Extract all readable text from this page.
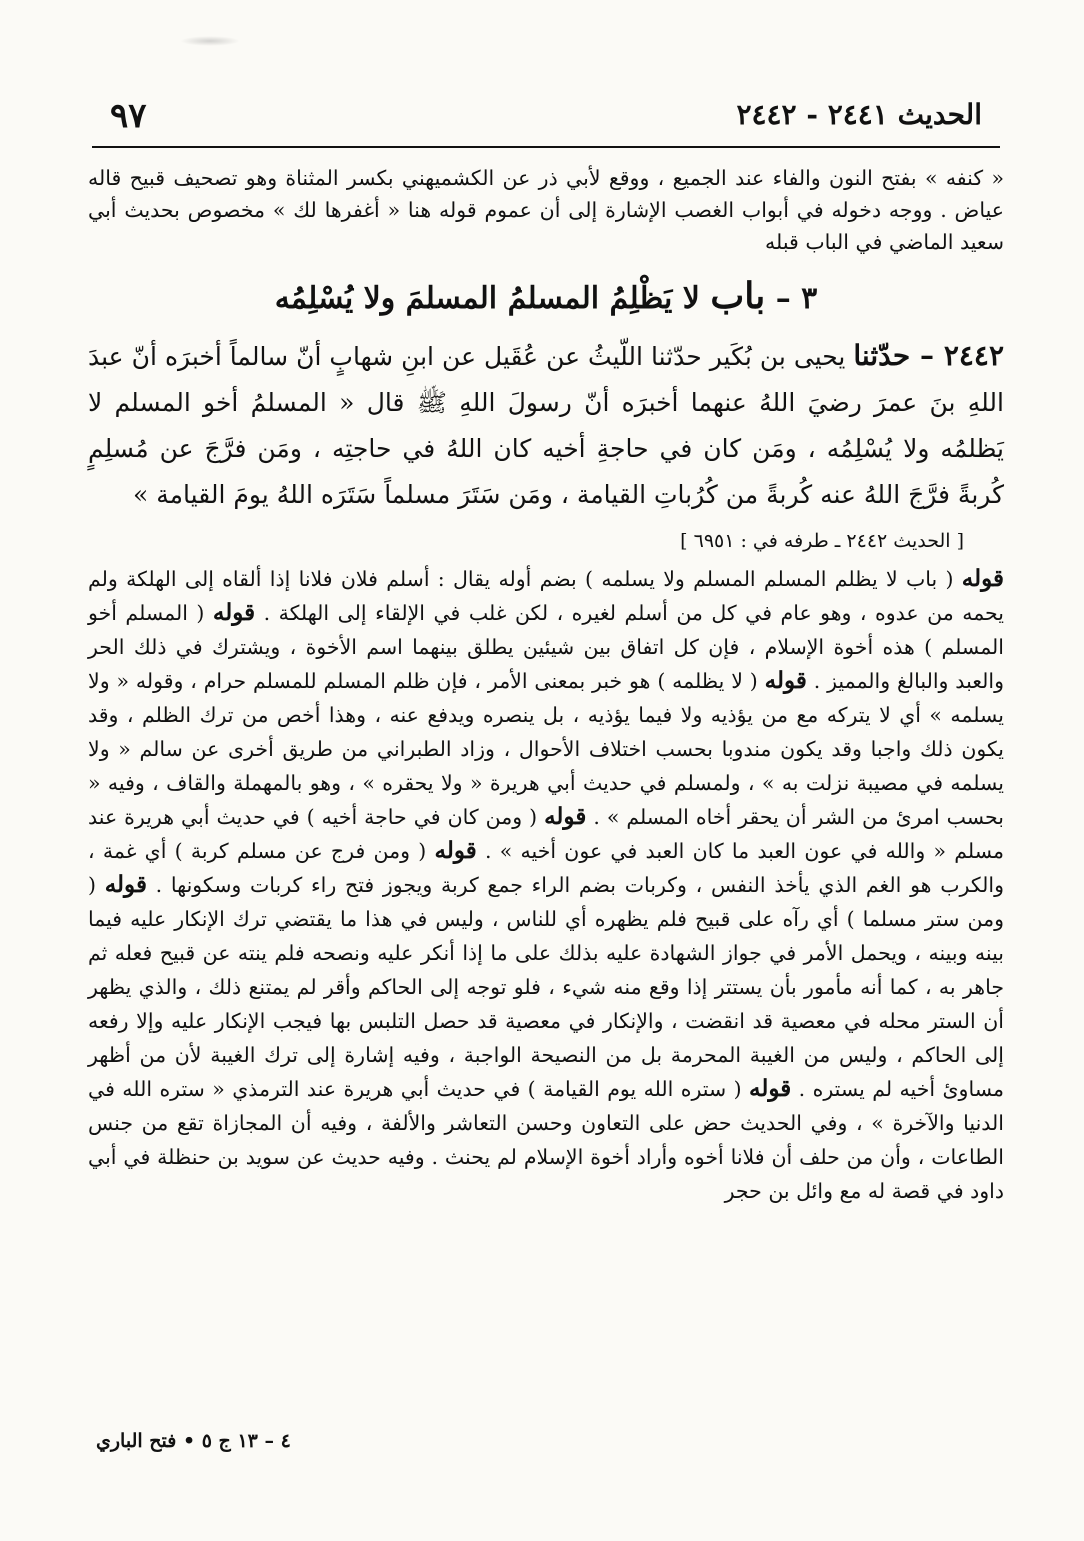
الحديث ٢٤٤١ - ٢٤٤٢
٩٧

« كنفه » بفتح النون والفاء عند الجميع ، ووقع لأبي ذر عن الكشميهني بكسر المثناة وهو تصحيف قبيح قاله عياض . ووجه دخوله في أبواب الغصب الإشارة إلى أن عموم قوله هنا « أغفرها لك » مخصوص بحديث أبي سعيد الماضي في الباب قبله

٣ – باب لا يَظْلِمُ المسلمُ المسلمَ ولا يُسْلِمُه

٢٤٤٢ – حدّثنا يحيى بن بُكَير حدّثنا اللّيثُ عن عُقَيل عن ابنِ شهابٍ أنّ سالماً أخبرَه أنّ عبدَ اللهِ بنَ عمرَ رضيَ اللهُ عنهما أخبرَه أنّ رسولَ اللهِ ﷺ قال « المسلمُ أخو المسلم لا يَظلمُه ولا يُسْلِمُه ، ومَن كان في حاجةِ أخيه كان اللهُ في حاجتِه ، ومَن فرَّجَ عن مُسلِمٍ كُربةً فرَّجَ اللهُ عنه كُربةً من كُرُباتِ القيامة ، ومَن سَتَرَ مسلماً سَتَرَه اللهُ يومَ القيامة »

[ الحديث ٢٤٤٢ ـ طرفه في : ٦٩٥١ ]

قوله ( باب لا يظلم المسلم المسلم ولا يسلمه ) بضم أوله يقال : أسلم فلان فلانا إذا ألقاه إلى الهلكة ولم يحمه من عدوه ، وهو عام في كل من أسلم لغيره ، لكن غلب في الإلقاء إلى الهلكة . قوله ( المسلم أخو المسلم ) هذه أخوة الإسلام ، فإن كل اتفاق بين شيئين يطلق بينهما اسم الأخوة ، ويشترك في ذلك الحر والعبد والبالغ والمميز . قوله ( لا يظلمه ) هو خبر بمعنى الأمر ، فإن ظلم المسلم للمسلم حرام ، وقوله « ولا يسلمه » أي لا يتركه مع من يؤذيه ولا فيما يؤذيه ، بل ينصره ويدفع عنه ، وهذا أخص من ترك الظلم ، وقد يكون ذلك واجبا وقد يكون مندوبا بحسب اختلاف الأحوال ، وزاد الطبراني من طريق أخرى عن سالم « ولا يسلمه في مصيبة نزلت به » ، ولمسلم في حديث أبي هريرة « ولا يحقره » ، وهو بالمهملة والقاف ، وفيه « بحسب امرئ من الشر أن يحقر أخاه المسلم » . قوله ( ومن كان في حاجة أخيه ) في حديث أبي هريرة عند مسلم « والله في عون العبد ما كان العبد في عون أخيه » . قوله ( ومن فرج عن مسلم كربة ) أي غمة ، والكرب هو الغم الذي يأخذ النفس ، وكربات بضم الراء جمع كربة ويجوز فتح راء كربات وسكونها . قوله ( ومن ستر مسلما ) أي رآه على قبيح فلم يظهره أي للناس ، وليس في هذا ما يقتضي ترك الإنكار عليه فيما بينه وبينه ، ويحمل الأمر في جواز الشهادة عليه بذلك على ما إذا أنكر عليه ونصحه فلم ينته عن قبيح فعله ثم جاهر به ، كما أنه مأمور بأن يستتر إذا وقع منه شيء ، فلو توجه إلى الحاكم وأقر لم يمتنع ذلك ، والذي يظهر أن الستر محله في معصية قد انقضت ، والإنكار في معصية قد حصل التلبس بها فيجب الإنكار عليه وإلا رفعه إلى الحاكم ، وليس من الغيبة المحرمة بل من النصيحة الواجبة ، وفيه إشارة إلى ترك الغيبة لأن من أظهر مساوئ أخيه لم يستره . قوله ( ستره الله يوم القيامة ) في حديث أبي هريرة عند الترمذي « ستره الله في الدنيا والآخرة » ، وفي الحديث حض على التعاون وحسن التعاشر والألفة ، وفيه أن المجازاة تقع من جنس الطاعات ، وأن من حلف أن فلانا أخوه وأراد أخوة الإسلام لم يحنث . وفيه حديث عن سويد بن حنظلة في أبي داود في قصة له مع وائل بن حجر

٤ – ١٣ ج ٥ • فتح الباري
